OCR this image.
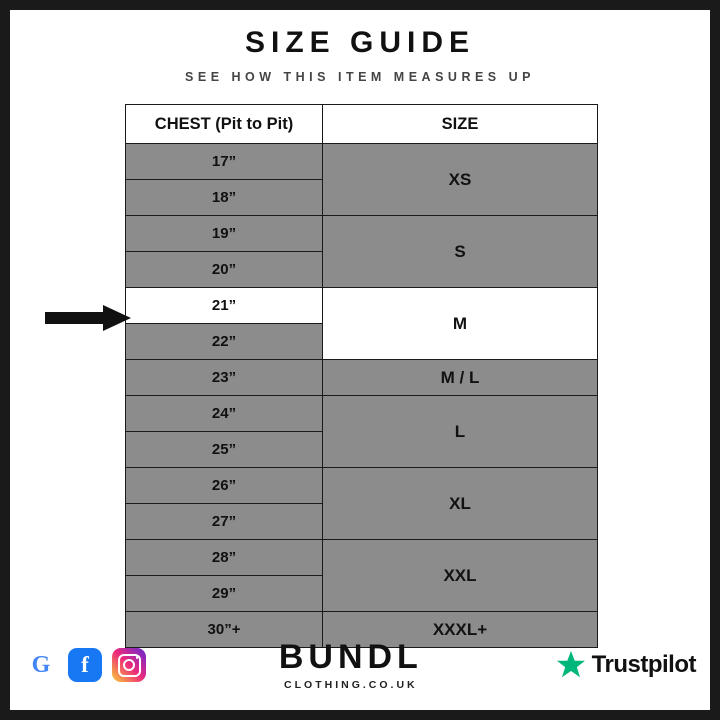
SIZE GUIDE
SEE HOW THIS ITEM MEASURES UP
CHEST (Pit to Pit)	SIZE
17”	XS
18”	
19”	S
20”	
21”	M
22”	
23”	M / L
24”	L
25”	
26”	XL
27”	
28”	XXL
29”	
30”+	XXXL+
G	f	BUNDL
CLOTHING.CO.UK
Trustpilot
